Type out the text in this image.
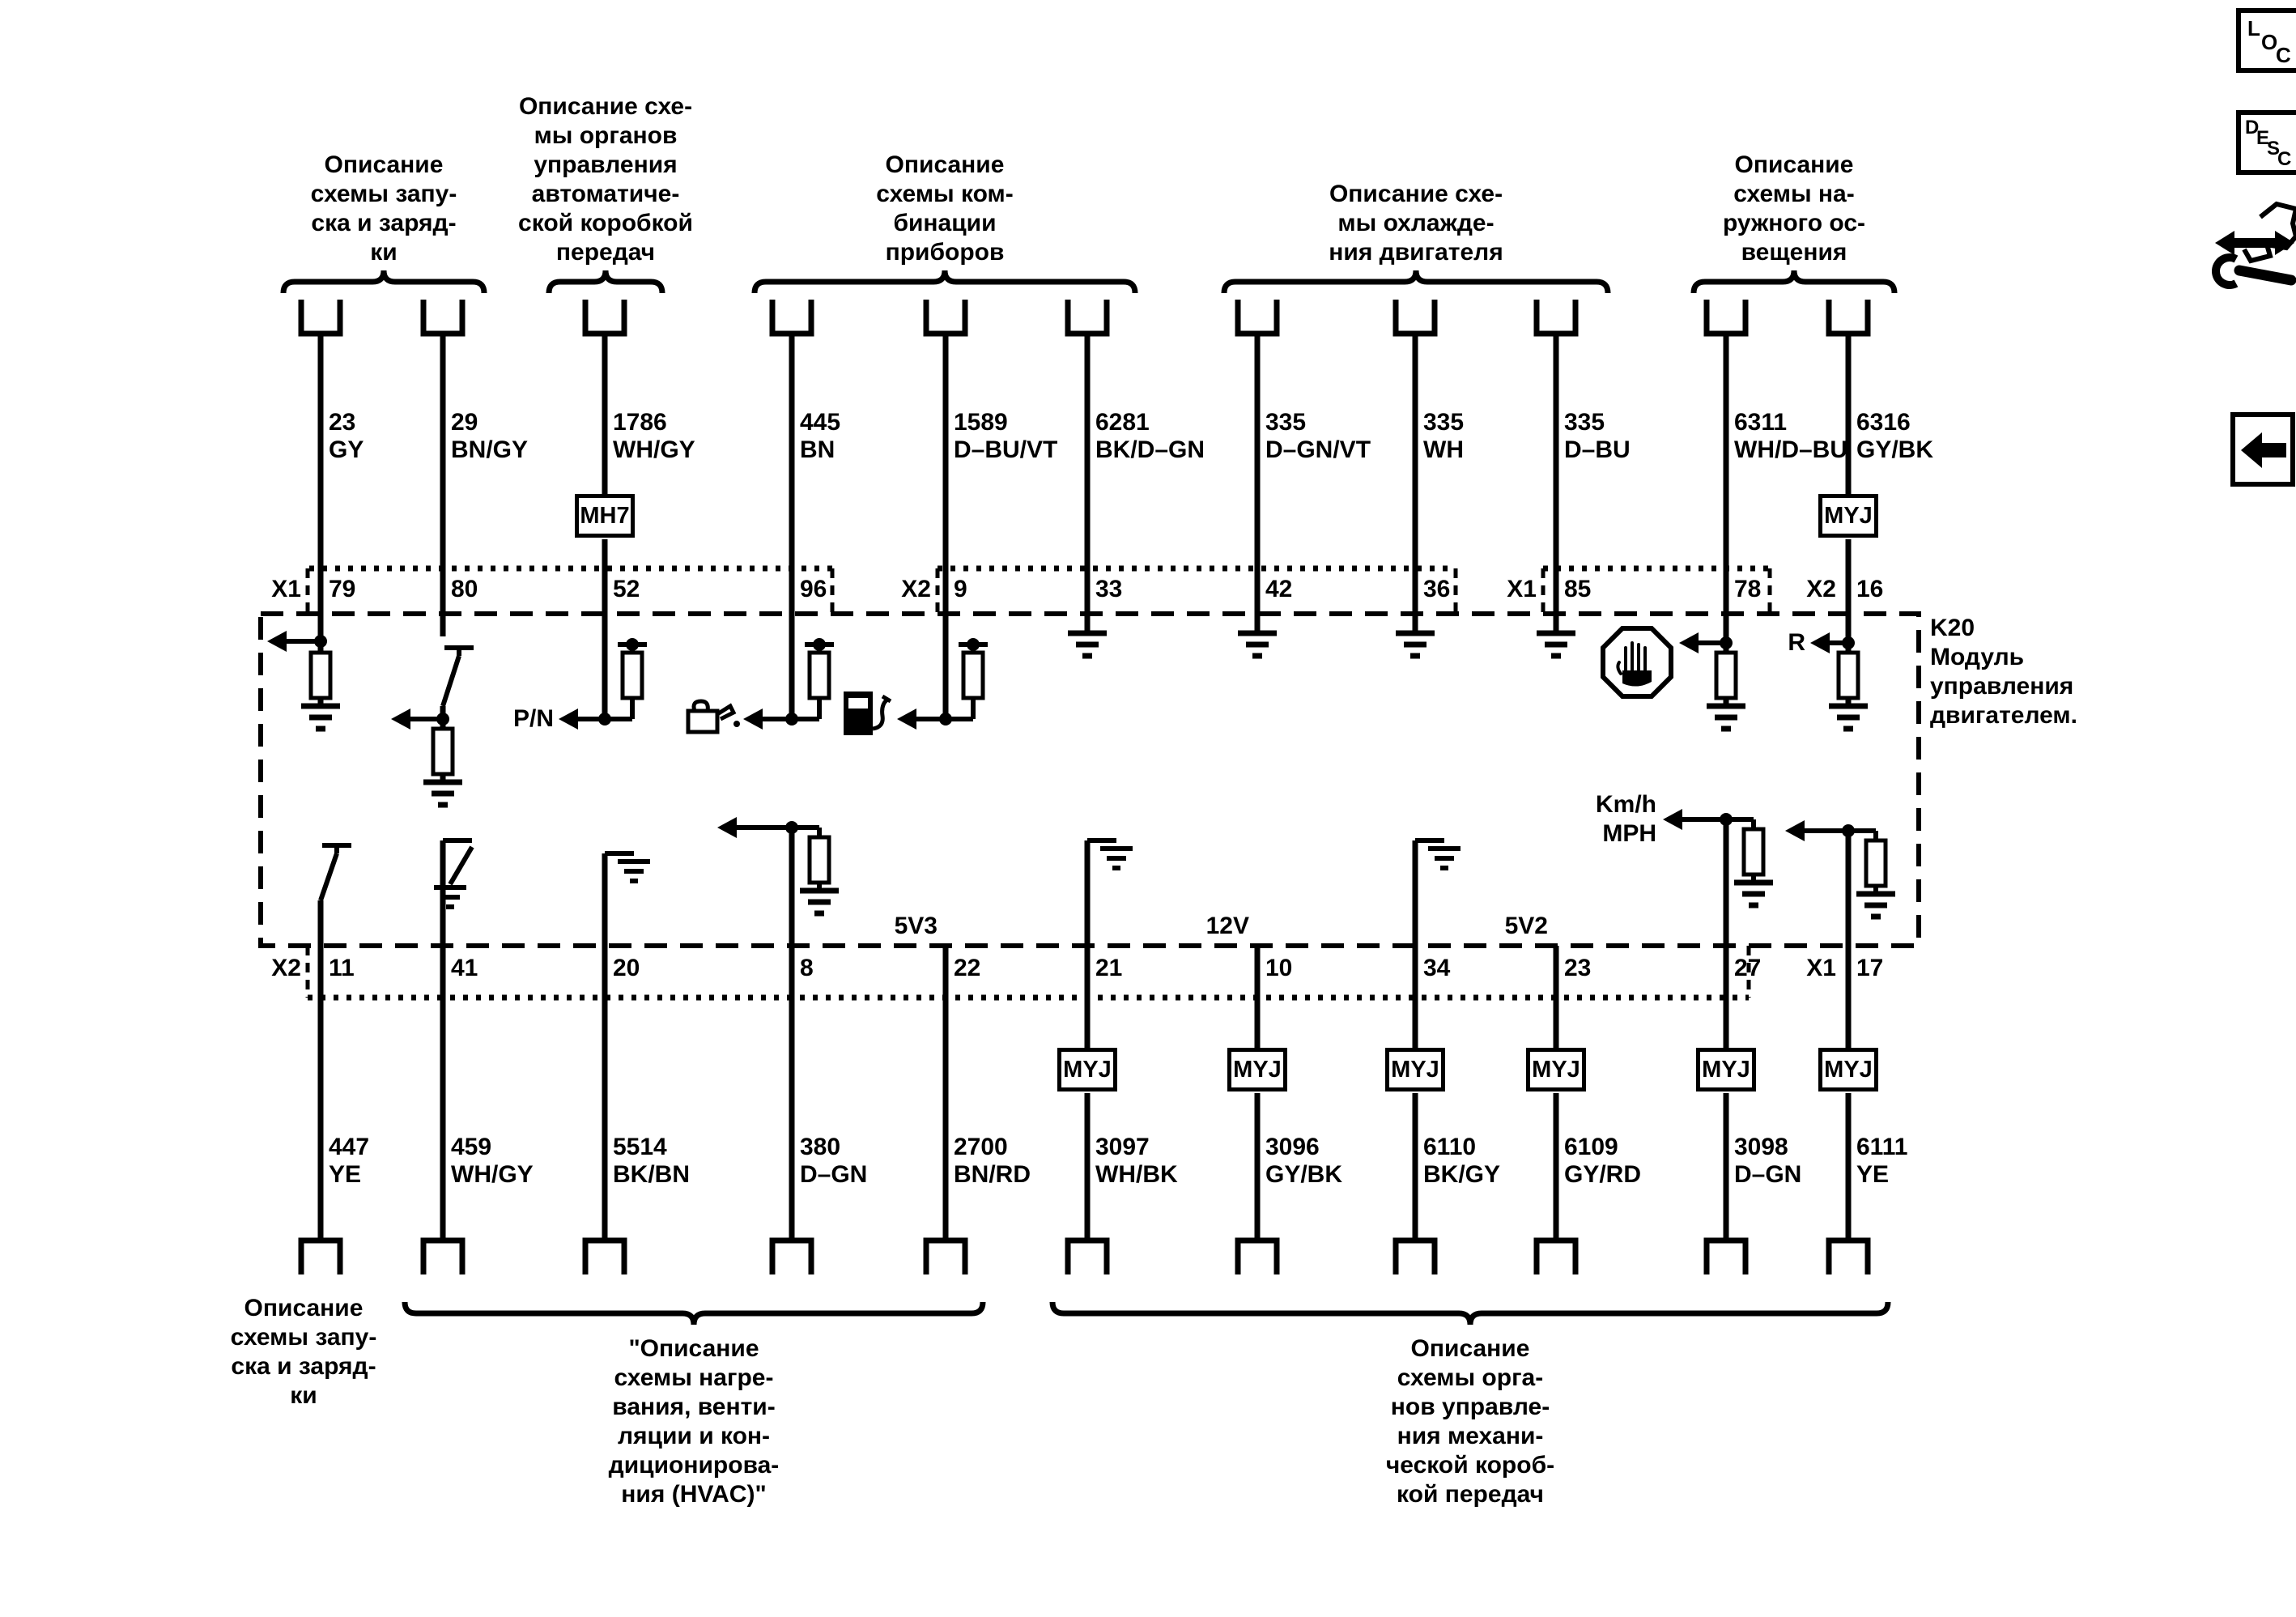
L
O
C
D
E
S
C
Описание
схемы запу-
ска и заряд-
ки
Описание схе-
мы органов
управления
автоматиче-
ской коробкой
передач
Описание
схемы ком-
бинации
приборов
Описание схе-
мы охлажде-
ния двигателя
Описание
схемы на-
ружного ос-
вещения
Описание
схемы запу-
ска и заряд-
ки
"Описание
схемы нагре-
вания, венти-
ляции и кон-
диционирова-
ния (HVAC)"
Описание
схемы орга-
нов управле-
ния механи-
ческой короб-
кой передач
23
GY
29
BN/GY
1786
WH/GY
445
BN
1589
D–BU/VT
6281
BK/D–GN
335
D–GN/VT
335
WH
335
D–BU
6311
WH/D–BU
6316
GY/BK
447
YE
459
WH/GY
5514
BK/BN
380
D–GN
2700
BN/RD
3097
WH/BK
3096
GY/BK
6110
BK/GY
6109
GY/RD
3098
D–GN
6111
YE
79	80	52	96	9	33	42	36	85	78	16
11	41	20	8	22	21	10	34	23	27	17
X1	X2	X1	X2
X2	X1
K20
Модуль
управления
двигателем.
P/N
R
Km/h
MPH
5V3	12V	5V2
MH7	MYJ
MYJ	MYJ	MYJ	MYJ	MYJ	MYJ
